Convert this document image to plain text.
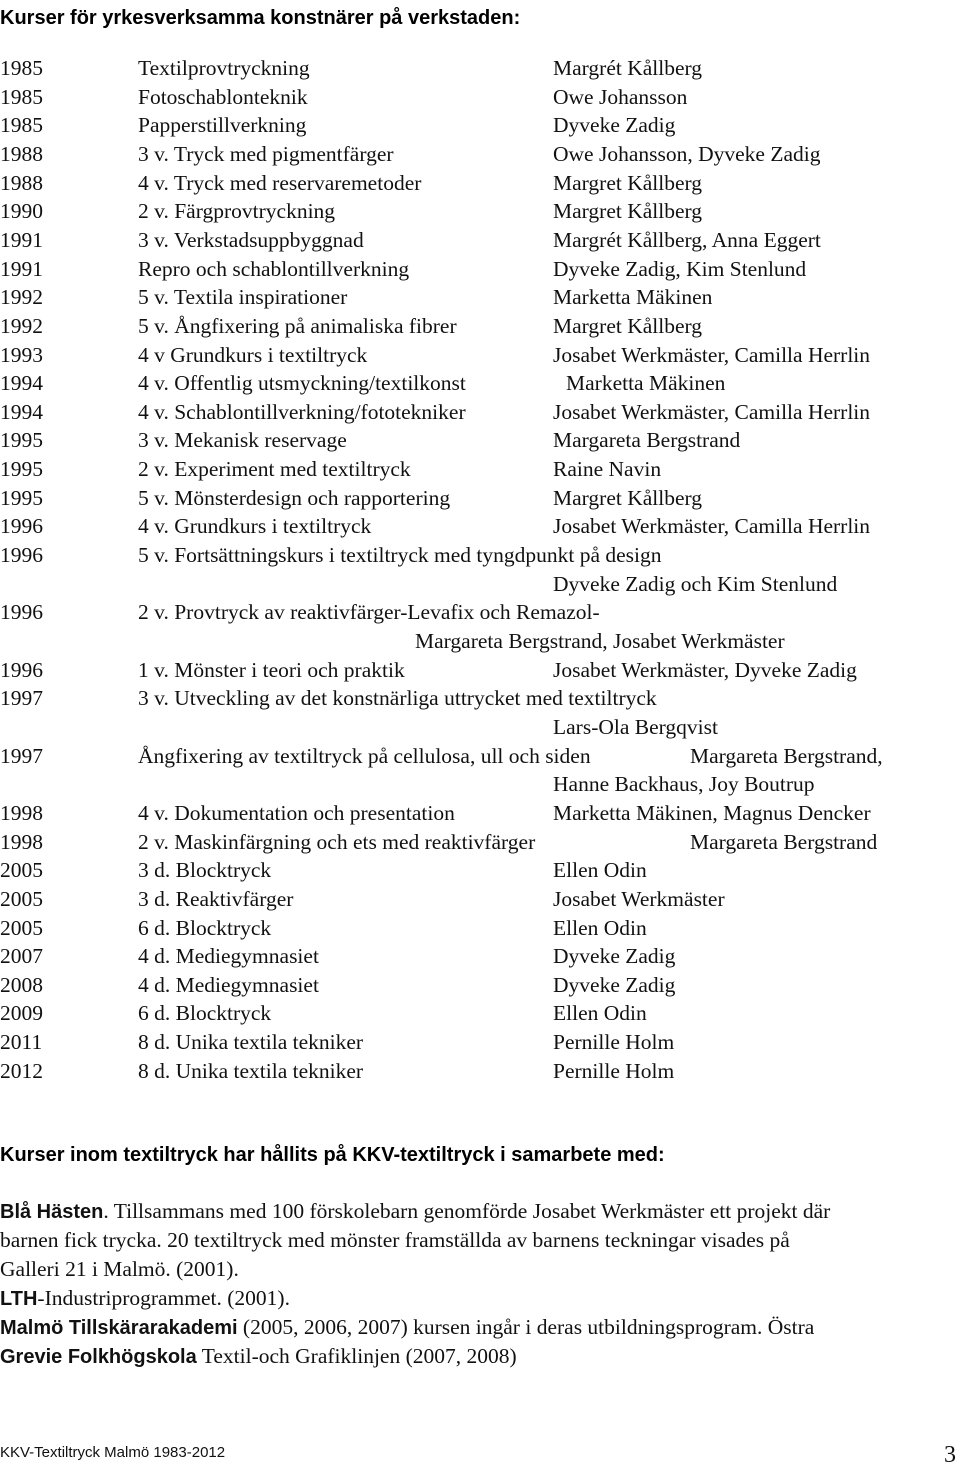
Kurser för yrkesverksamma konstnärer på verkstaden:
1985	Textilprovtryckning	Margrét Kållberg
1985	Fotoschablonteknik	Owe Johansson
1985	Papperstillverkning	Dyveke Zadig
1988	3 v. Tryck med pigmentfärger	Owe Johansson, Dyveke Zadig
1988	4 v. Tryck med reservaremetoder	Margret Kållberg
1990	2 v. Färgprovtryckning	Margret Kållberg
1991	3 v. Verkstadsuppbyggnad	Margrét Kållberg, Anna Eggert
1991	Repro och schablontillverkning	Dyveke Zadig, Kim Stenlund
1992	5 v. Textila inspirationer	Marketta Mäkinen
1992	5 v. Ångfixering på animaliska fibrer	Margret Kållberg
1993	4 v Grundkurs i textiltryck	Josabet Werkmäster, Camilla Herrlin
1994	4 v. Offentlig utsmyckning/textilkonst	Marketta Mäkinen
1994	4 v. Schablontillverkning/fototekniker	Josabet Werkmäster, Camilla Herrlin
1995	3 v. Mekanisk reservage	Margareta Bergstrand
1995	2 v. Experiment med textiltryck	Raine Navin
1995	5 v. Mönsterdesign och rapportering	Margret Kållberg
1996	4 v. Grundkurs i textiltryck	Josabet Werkmäster, Camilla Herrlin
1996	5 v. Fortsättningskurs i textiltryck med tyngdpunkt på design
Dyveke Zadig och Kim Stenlund
1996	2 v. Provtryck av reaktivfärger-Levafix och Remazol-
Margareta Bergstrand, Josabet Werkmäster
1996	1 v. Mönster i teori och praktik	Josabet Werkmäster, Dyveke Zadig
1997	3 v. Utveckling av det konstnärliga uttrycket med textiltryck
Lars-Ola Bergqvist
1997	Ångfixering av textiltryck på cellulosa, ull och siden	Margareta Bergstrand,
Hanne Backhaus, Joy Boutrup
1998	4 v. Dokumentation och presentation	Marketta Mäkinen, Magnus Dencker
1998	2 v. Maskinfärgning och ets med reaktivfärger	Margareta Bergstrand
2005	3 d. Blocktryck	Ellen Odin
2005	3 d. Reaktivfärger	Josabet Werkmäster
2005	6 d. Blocktryck	Ellen Odin
2007	4 d. Mediegymnasiet	Dyveke Zadig
2008	4 d. Mediegymnasiet	Dyveke Zadig
2009	6 d. Blocktryck	Ellen Odin
2011	8 d. Unika textila tekniker	Pernille Holm
2012	8 d. Unika textila tekniker	Pernille Holm
Kurser inom textiltryck har hållits på KKV-textiltryck i samarbete med:
Blå Hästen. Tillsammans med 100 förskolebarn genomförde Josabet Werkmäster ett projekt där
barnen fick trycka. 20 textiltryck med mönster framställda av barnens teckningar visades på
Galleri 21 i Malmö. (2001).
LTH-Industriprogrammet. (2001).
Malmö Tillskärarakademi (2005, 2006, 2007) kursen ingår i deras utbildningsprogram. Östra
Grevie Folkhögskola Textil-och Grafiklinjen (2007, 2008)
KKV-Textiltryck Malmö 1983-2012	3
